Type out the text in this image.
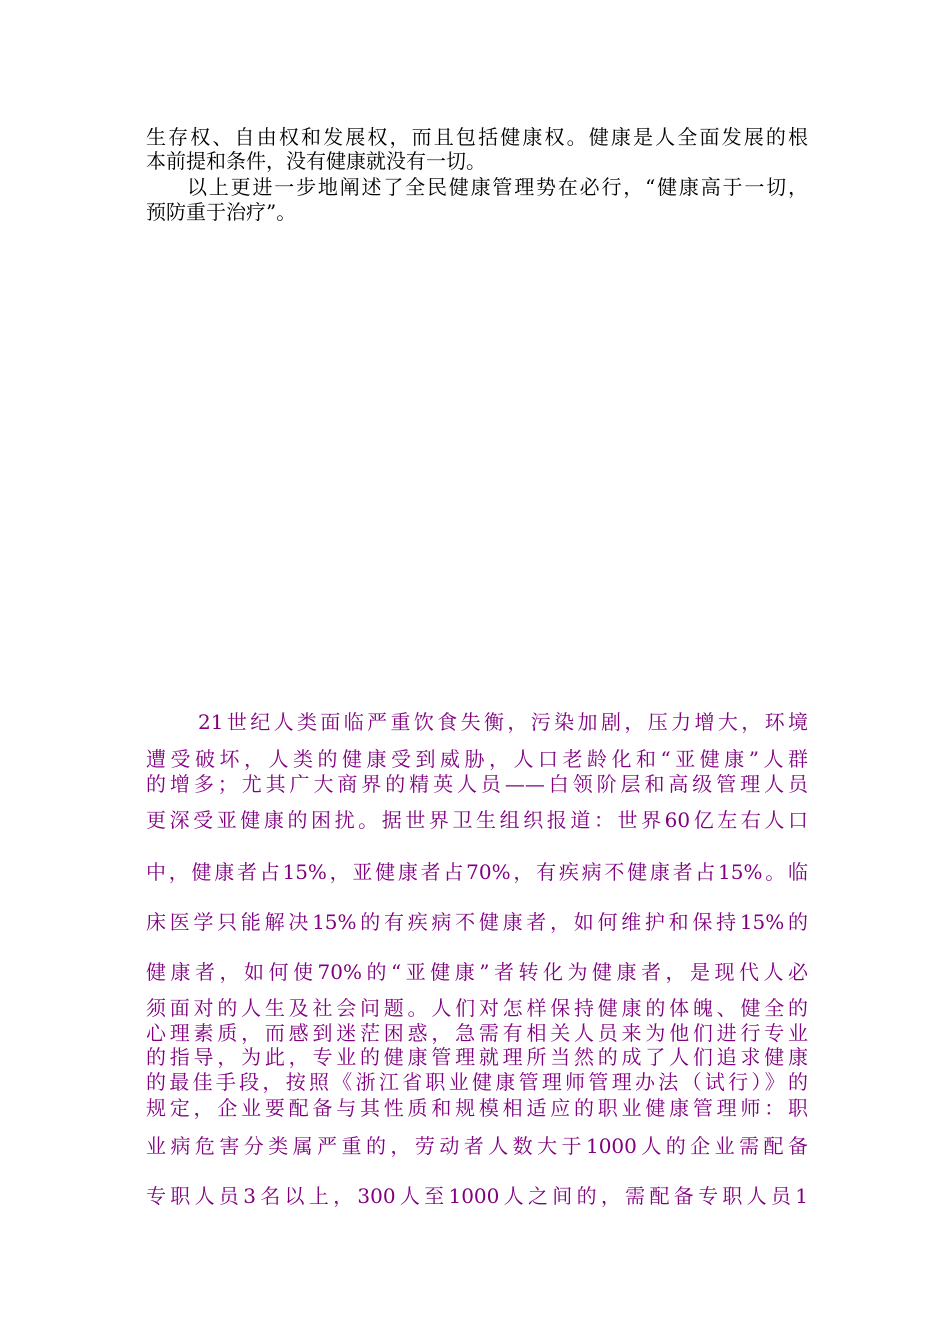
生存权、自由权和发展权，而且包括健康权。健康是人全面发展的根
本前提和条件，没有健康就没有一切。
以上更进一步地阐述了全民健康管理势在必行，“健康高于一切，
预防重于治疗”。
21世纪人类面临严重饮食失衡，污染加剧，压力增大，环境
遭受破坏，人类的健康受到威胁，人口老龄化和“亚健康”人群
的增多；尤其广大商界的精英人员——白领阶层和高级管理人员
更深受亚健康的困扰。据世界卫生组织报道：世界60亿左右人口
中，健康者占15%，亚健康者占70%，有疾病不健康者占15%。临
床医学只能解决15%的有疾病不健康者，如何维护和保持15%的
健康者，如何使70%的“亚健康”者转化为健康者，是现代人必
须面对的人生及社会问题。人们对怎样保持健康的体魄、健全的
心理素质，而感到迷茫困惑，急需有相关人员来为他们进行专业
的指导，为此，专业的健康管理就理所当然的成了人们追求健康
的最佳手段，按照《浙江省职业健康管理师管理办法（试行）》的
规定，企业要配备与其性质和规模相适应的职业健康管理师：职
业病危害分类属严重的，劳动者人数大于1000人的企业需配备
专职人员3名以上，300人至1000人之间的，需配备专职人员1
